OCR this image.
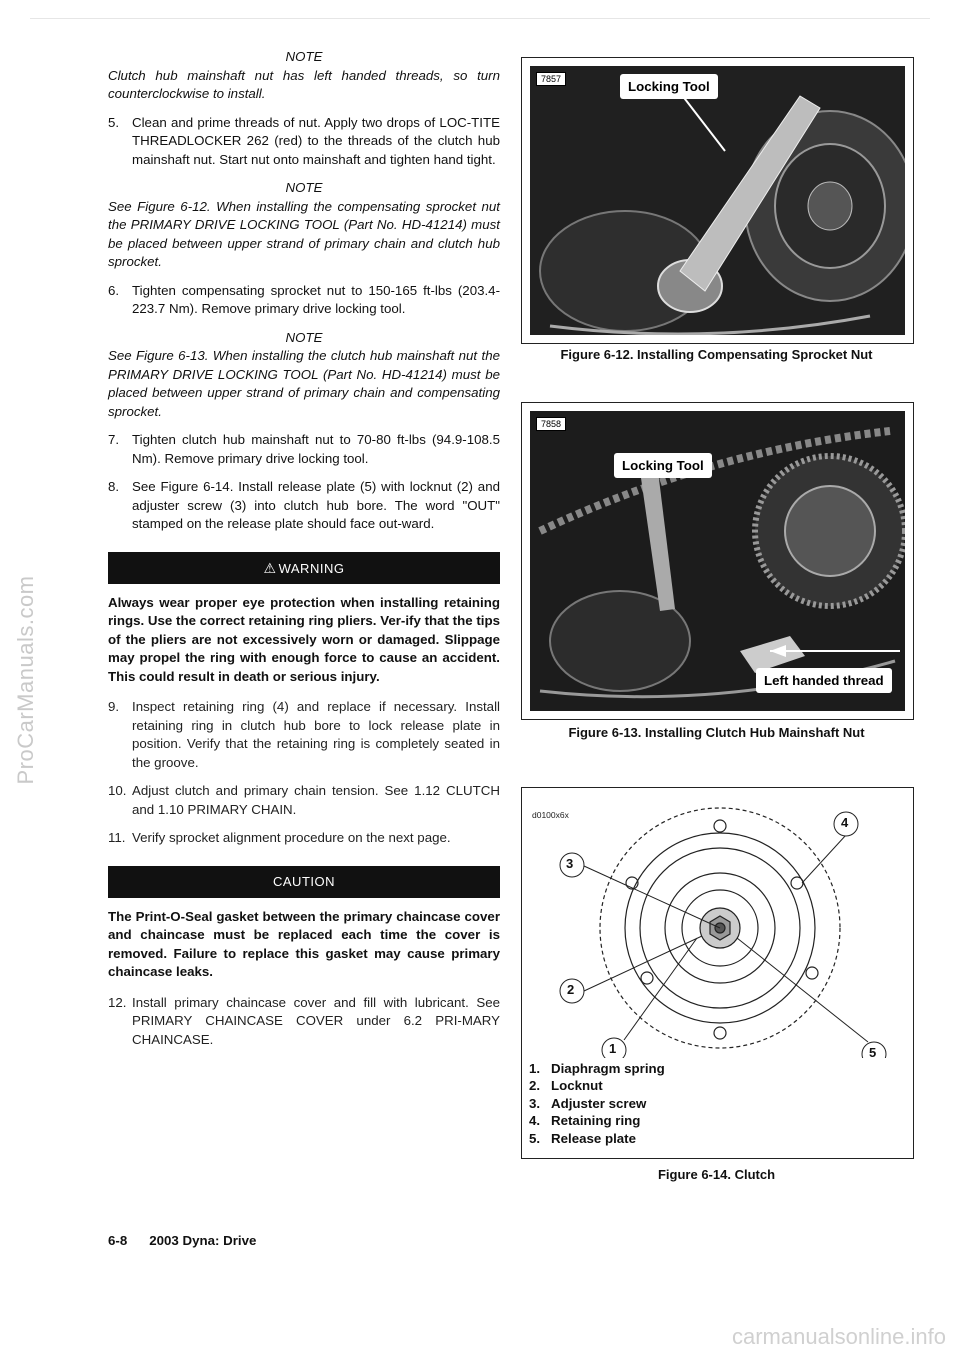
ProCarManuals.com
carmanualsonline.info

NOTE

Clutch hub mainshaft nut has left handed threads, so turn counterclockwise to install.

5. Clean and prime threads of nut. Apply two drops of LOC-TITE THREADLOCKER 262 (red) to the threads of the clutch hub mainshaft nut. Start nut onto mainshaft and tighten hand tight.

NOTE

See Figure 6-12. When installing the compensating sprocket nut the PRIMARY DRIVE LOCKING TOOL (Part No. HD-41214) must be placed between upper strand of primary chain and clutch hub sprocket.

6. Tighten compensating sprocket nut to 150-165 ft-lbs (203.4-223.7 Nm). Remove primary drive locking tool.

NOTE

See Figure 6-13. When installing the clutch hub mainshaft nut the PRIMARY DRIVE LOCKING TOOL (Part No. HD-41214) must be placed between upper strand of primary chain and compensating sprocket.

7. Tighten clutch hub mainshaft nut to 70-80 ft-lbs (94.9-108.5 Nm). Remove primary drive locking tool.
8. See Figure 6-14. Install release plate (5) with locknut (2) and adjuster screw (3) into clutch hub bore. The word "OUT" stamped on the release plate should face out-ward.
⚠ WARNING

Always wear proper eye protection when installing retaining rings. Use the correct retaining ring pliers. Ver-ify that the tips of the pliers are not excessively worn or damaged. Slippage may propel the ring with enough force to cause an accident. This could result in death or serious injury.

9. Inspect retaining ring (4) and replace if necessary. Install retaining ring in clutch hub bore to lock release plate in position. Verify that the retaining ring is completely seated in the groove.
10. Adjust clutch and primary chain tension. See 1.12 CLUTCH and 1.10 PRIMARY CHAIN.
11. Verify sprocket alignment procedure on the next page.
CAUTION

The Print-O-Seal gasket between the primary chaincase cover and chaincase must be replaced each time the cover is removed. Failure to replace this gasket may cause primary chaincase leaks.

12. Install primary chaincase cover and fill with lubricant. See PRIMARY CHAINCASE COVER under 6.2 PRI-MARY CHAINCASE.
7857	Locking Tool
Figure 6-12. Installing Compensating Sprocket Nut
7858
Locking Tool
Left handed thread
Figure 6-13. Installing Clutch Hub Mainshaft Nut
d0100x6x
3
2
1
4
5
1. Diaphragm spring
2. Locknut
3. Adjuster screw
4. Retaining ring
5. Release plate
Figure 6-14. Clutch
6-8 2003 Dyna: Drive
